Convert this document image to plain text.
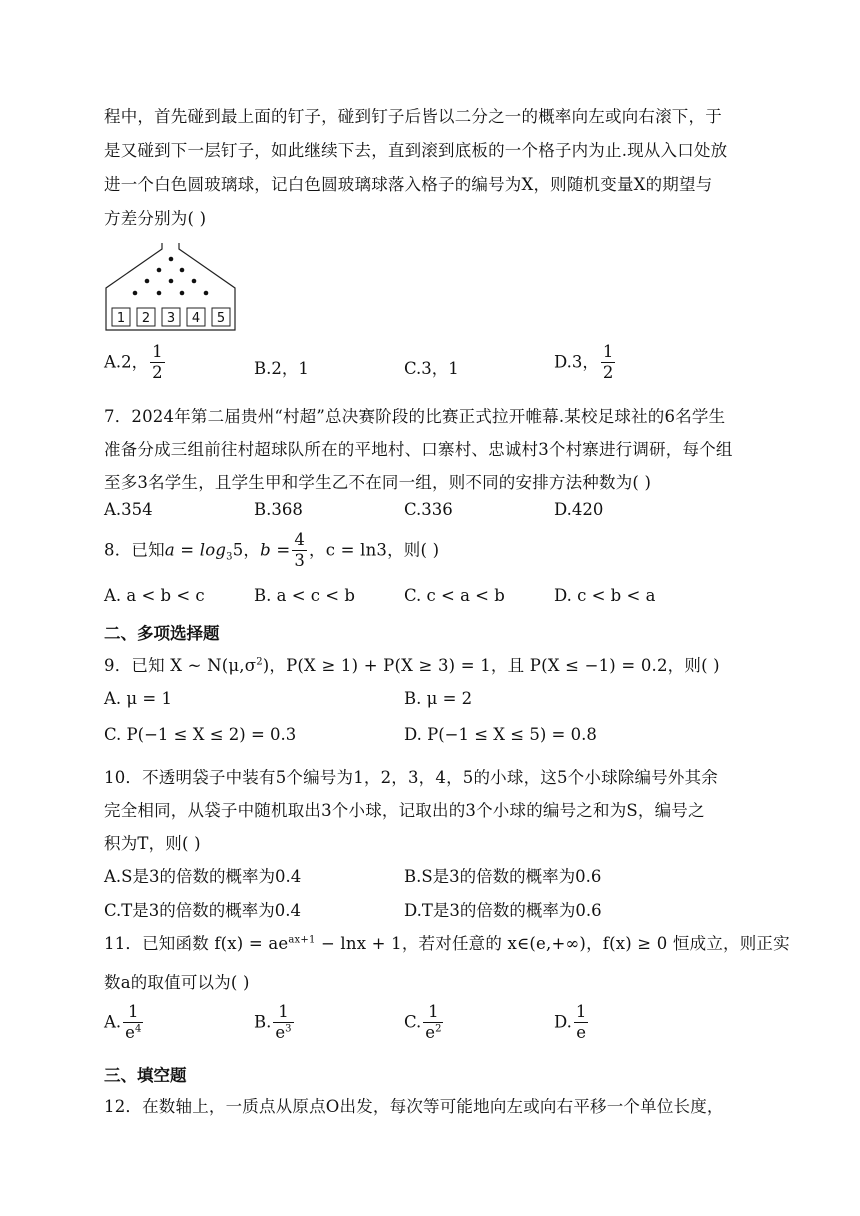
程中，首先碰到最上面的钉子，碰到钉子后皆以二分之一的概率向左或向右滚下，于
是又碰到下一层钉子，如此继续下去，直到滚到底板的一个格子内为止.现从入口处放
进一个白色圆玻璃球，记白色圆玻璃球落入格子的编号为X，则随机变量X的期望与
方差分别为( )
1 2 3 4 5
A.2， $\frac{1}{2}$	B.2，1	C.3，1	D.3， $\frac{1}{2}$
7．2024年第二届贵州“村超”总决赛阶段的比赛正式拉开帷幕.某校足球社的6名学生
准备分成三组前往村超球队所在的平地村、口寨村、忠诚村3个村寨进行调研，每个组
至多3名学生，且学生甲和学生乙不在同一组，则不同的安排方法种数为( )
A.354	B.368	C.336	D.420
8．已知$a = \log_35$，$b = \frac{4}{3}$ ，c = ln3，则( )
A. a < b < c	B. a < c < b	C. c < a < b	D. c < b < a
二、多项选择题
9．已知 X ~ $N(\mu,\sigma^2)$，P(X ≥ 1) + P(X ≥ 3) = 1，且 P(X ≤ −1) = 0.2，则( )
A. μ = 1	B. μ = 2
C. P(−1 ≤ X ≤ 2) = 0.3	D. P(−1 ≤ X ≤ 5) = 0.8
10．不透明袋子中装有5个编号为1，2，3，4，5的小球，这5个小球除编号外其余
完全相同，从袋子中随机取出3个小球，记取出的3个小球的编号之和为S，编号之
积为T，则( )
A.S是3的倍数的概率为0.4	B.S是3的倍数的概率为0.6
C.T是3的倍数的概率为0.4	D.T是3的倍数的概率为0.6
11．已知函数 $f(x) = ae^{ax+1} - \ln x + 1$，若对任意的 x∈(e,+∞)，f(x) ≥ 0 恒成立，则正实
数a的取值可以为( )
A. $\frac{1}{e^4}$	B. $\frac{1}{e^3}$	C. $\frac{1}{e^2}$	D. $\frac{1}{e}$
三、填空题
12．在数轴上，一质点从原点O出发，每次等可能地向左或向右平移一个单位长度，
